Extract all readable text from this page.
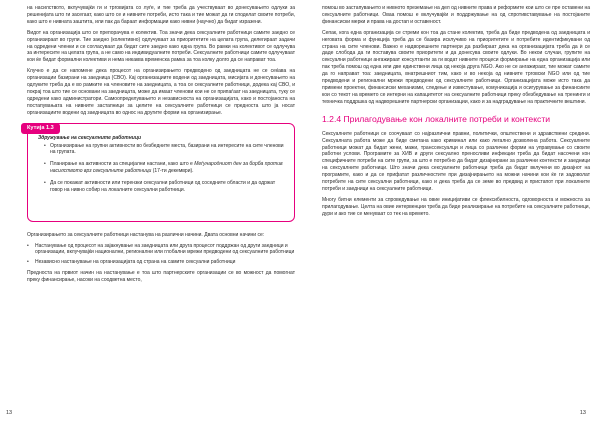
на насилството, вклучувајќи ги и трговијата со луѓе, и тие треба да учествуваат во донесувањето одлуки за решенијата што ги засегаат, како што се и нивните потреби, исто така и тие можат да ги споделат своите потреби, како што е нивната заштита, или пак да бараат информации како нивни (научно) да бидат изразени.

Видот на организација што се препорачува е колектив. Тоа значи дека сексуалните работници самите заедно се организираат во групи. Тие заедно (колективно) одлучуваат за приоритетите на целата група, делегираат задачи на одредени членки и се согласуваат да бидат сите заедно како една група. Во рамки на колективот се одлучува за интересите на целата група, а не само на индивидуалните потреби. Сексуалните работници самите одлучуваат кои ќе бидат формални колективи и нема никаква временска рамка за тоа колку долго да се направат тоа.

Клучно е да се напомене дека процесот на организирањето предводено од заедницата не се сеќава на организации базирани на заедница (CBO). Кај организациите водени од заедницата, мисијата и донесувањето на одлуките треба да е во рамките на членовите на заедницата, а тоа се сексуалните работници, додека кај CBO, и покрај тоа што тие се основани на заедницата, може да имаат членови кои не се припаѓаат на заедницата, туку се одредени како администратори. Самоопределувањето и независноста на организацијата, како и постојаноста на постапувањата на нивните застапници за целите на сексуалните работници се предноста што ја носат организациите водени од заедницата во однос на другите форми на организирање.

Кутија 1.3
Здружување на сексуалните работници
• Организирање на групни активности во безбедните места, базирани на интересите на сите членови на групата.
• Планирање на активности за специјални настани, како што е Меѓународниот ден за борба против насилството врз сексуалните работници (17-ти декември).
• Да се покажат активности или терензки сексуални работници од соседните области и да одржат говор на нивно собир на локалните сексуални работници.

Организирањето за сексуалните работници настанува на различни начини. Двата основни начини се:

• Настанување од процесот на зајакнување на заедницата или друга процесот поддржан од други заедници и организации, вклучувајќи национални, регионални или глобални мрежи предводени од сексуалните работници
• Независно настанување на организацијата од страна на самите сексуални работници

Предноста на првиот начин на настанување е тоа што партнерските организации се во можност да помогнат преку финансирање, насоки на соодветна место,

помош во застапувањето и нивното преземање на дел од нивните права и реформите кои што се пре оставени на сексуалните работници. Оваа помош е вклучувајќи и поддржување на од спротивставување на постојаните финансиски мерки и права на достап и оставеност.

Сепак, кога една организација се стреми кон тоа да стане колектив, треба да биде предводена од заедницата и неговата форма и функција треба да се базира исклучиво на приоритетите и потребите идентификувани од страна на сите членови. Важно е надворешните партнери да разбираат дека на организацијата треба да ѝ се даде слобода да ги поставува своите приоритети и да донесува своите одлуки. Во некои случаи, групите на сексуални работници ангажираат консултанти за ги водат нивните процеси формирање на една организација или пак треба помош од една или две единствени лица од некоја друга NGO. Ако не се ангажираат, тие можат самите да го направат тоа: заедницата, внатрешниот тим, како и во некоја од нивните трговски NGO или од тие предводени и регионални мрежи предводени од сексуалните работници. Организацијата може исто така да примени проектни, финансиски механизми, следење и известување, комуникација и осигурување за финансиите кои со текот на времето се интерни на капацитетот на сексуалните работници преку обезбедување на тренинги и техничка поддршка од надворешните партнерски организации, како и за надградување на практичните вештини.

1.2.4 Прилагодување кон локалните потреби и контексти

Сексуалните работници се соочуваат со најразлични правни, политички, општествени и здравствени средини. Сексуалната работа може да биде сметана како криминал или како легално дозволена работа. Сексуалните работници можат да бидат жени, мажи, транссексуалци и лица со различни форми на управување со своите работни услови. Програмите за ХИВ и други сексуално преносливи инфекции треба да бидат насочени кон специфичните потреби на сите групи, за што е потребно да бидат дизајнирани за различни контексти и заедници на сексуалните работници. Што значи дека сексуалните работници треба да бидат вклучени во дизајнот на програмите, како и да се прифатат различностите при дизајнирањето на можни начини кои ќе ги задоволат потребите на сите сексуални работници, како и дека треба да се земе во предвид и пристапот при локалните потреби и заедници на сексуалните работници.

Многу битни елементи за спроведување на овие иницијативи се флексибилноста, одговорноста и можноста за прилагодување. Целта на овие интервенции треба да биде реализирање на потребите на сексуалните работници, дури и ако тие се менуваат со тек на времето.

13	13
